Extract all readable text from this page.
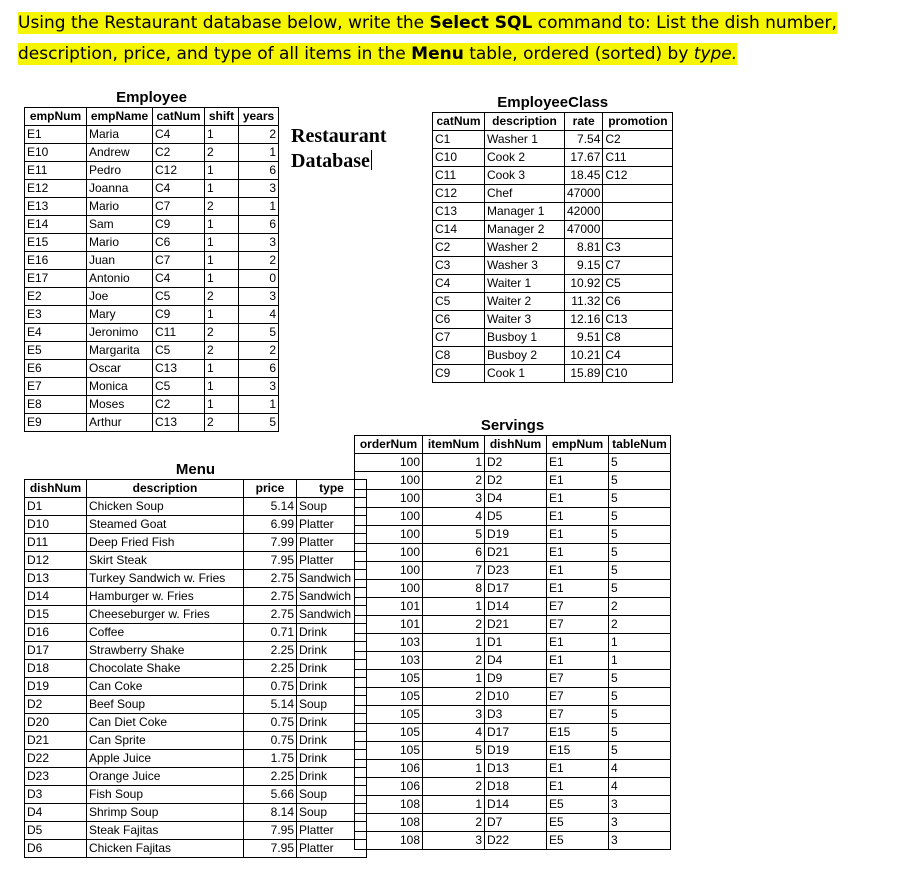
Using the Restaurant database below, write the Select SQL command to: List the dish number, description, price, and type of all items in the Menu table, ordered (sorted) by type.
Restaurant
Database
Employee
empNum	empName	catNum	shift	years
E1	Maria	C4	1	2
E10	Andrew	C2	2	1
E11	Pedro	C12	1	6
E12	Joanna	C4	1	3
E13	Mario	C7	2	1
E14	Sam	C9	1	6
E15	Mario	C6	1	3
E16	Juan	C7	1	2
E17	Antonio	C4	1	0
E2	Joe	C5	2	3
E3	Mary	C9	1	4
E4	Jeronimo	C11	2	5
E5	Margarita	C5	2	2
E6	Oscar	C13	1	6
E7	Monica	C5	1	3
E8	Moses	C2	1	1
E9	Arthur	C13	2	5
EmployeeClass
catNum	description	rate	promotion
C1	Washer 1	7.54	C2
C10	Cook 2	17.67	C11
C11	Cook 3	18.45	C12
C12	Chef	47000	
C13	Manager 1	42000	
C14	Manager 2	47000	
C2	Washer 2	8.81	C3
C3	Washer 3	9.15	C7
C4	Waiter 1	10.92	C5
C5	Waiter 2	11.32	C6
C6	Waiter 3	12.16	C13
C7	Busboy 1	9.51	C8
C8	Busboy 2	10.21	C4
C9	Cook 1	15.89	C10
Menu
dishNum	description	price	type
D1	Chicken Soup	5.14	Soup
D10	Steamed Goat	6.99	Platter
D11	Deep Fried Fish	7.99	Platter
D12	Skirt Steak	7.95	Platter
D13	Turkey Sandwich w. Fries	2.75	Sandwich
D14	Hamburger w. Fries	2.75	Sandwich
D15	Cheeseburger w. Fries	2.75	Sandwich
D16	Coffee	0.71	Drink
D17	Strawberry Shake	2.25	Drink
D18	Chocolate Shake	2.25	Drink
D19	Can Coke	0.75	Drink
D2	Beef Soup	5.14	Soup
D20	Can Diet Coke	0.75	Drink
D21	Can Sprite	0.75	Drink
D22	Apple Juice	1.75	Drink
D23	Orange Juice	2.25	Drink
D3	Fish Soup	5.66	Soup
D4	Shrimp Soup	8.14	Soup
D5	Steak Fajitas	7.95	Platter
D6	Chicken Fajitas	7.95	Platter
Servings
orderNum	itemNum	dishNum	empNum	tableNum
100	1	D2	E1	5
100	2	D2	E1	5
100	3	D4	E1	5
100	4	D5	E1	5
100	5	D19	E1	5
100	6	D21	E1	5
100	7	D23	E1	5
100	8	D17	E1	5
101	1	D14	E7	2
101	2	D21	E7	2
103	1	D1	E1	1
103	2	D4	E1	1
105	1	D9	E7	5
105	2	D10	E7	5
105	3	D3	E7	5
105	4	D17	E15	5
105	5	D19	E15	5
106	1	D13	E1	4
106	2	D18	E1	4
108	1	D14	E5	3
108	2	D7	E5	3
108	3	D22	E5	3
